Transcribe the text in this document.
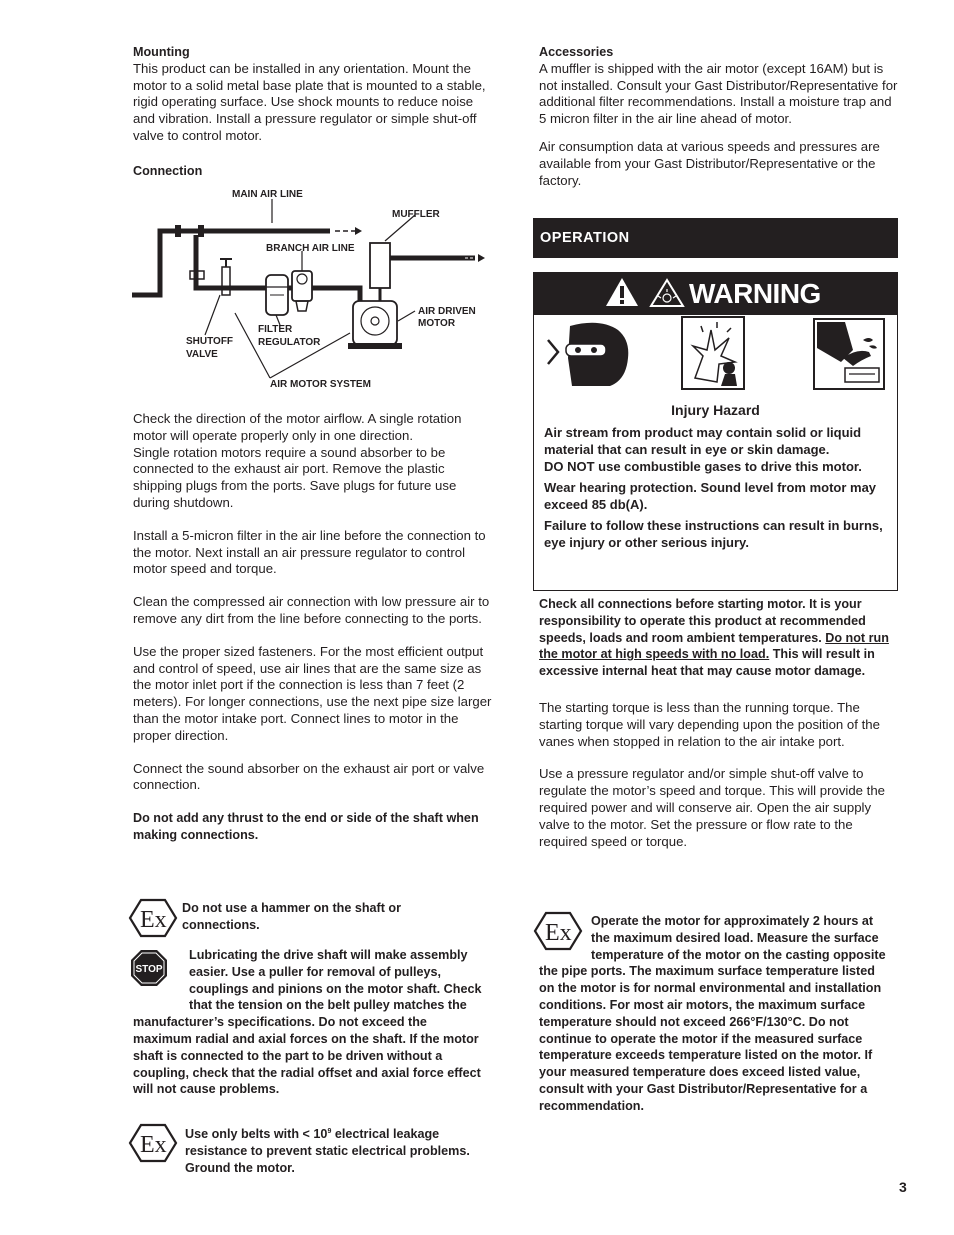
Mounting

This product can be installed in any orientation. Mount the motor to a solid metal base plate that is mounted to a stable, rigid operating surface. Use shock mounts to reduce noise and vibration. Install a pressure regulator or simple shut-off valve to control motor.

Connection
MAIN AIR LINE
MUFFLER
BRANCH AIR LINE
AIR DRIVEN
MOTOR
SHUTOFF
VALVE
FILTER
REGULATOR
AIR MOTOR SYSTEM

Check the direction of the motor airflow. A single rotation motor will operate properly only in one direction.

Single rotation motors require a sound absorber to be connected to the exhaust air port. Remove the plastic shipping plugs from the ports. Save plugs for future use during shutdown.

Install a 5-micron filter in the air line before the connection to the motor. Next install an air pressure regulator to control motor speed and torque.

Clean the compressed air connection with low pressure air to remove any dirt from the line before connecting to the ports.

Use the proper sized fasteners. For the most efficient output and control of speed, use air lines that are the same size as the motor inlet port if the connection is less than 7 feet (2 meters). For longer connections, use the next pipe size larger than the motor intake port. Connect lines to motor in the proper direction.

Connect the sound absorber on the exhaust air port or valve connection.

Do not add any thrust to the end or side of the shaft when making connections.

Ex Do not use a hammer on the shaft or connections.

STOP
Lubricating the drive shaft will make assembly easier. Use a puller for removal of pulleys, couplings and pinions on the motor shaft. Check that the tension on the belt pulley matches the manufacturer’s specifications. Do not exceed the maximum radial and axial forces on the shaft. If the motor shaft is connected to the part to be driven without a coupling, check that the radial offset and axial force effect will not cause problems.
Ex Use only belts with < $10^9$ electrical leakage resistance to prevent static electrical problems. Ground the motor.

Accessories

A muffler is shipped with the air motor (except 16AM) but is not installed. Consult your Gast Distributor/Representative for additional filter recommendations. Install a moisture trap and 5 micron filter in the air line ahead of motor.

Air consumption data at various speeds and pressures are available from your Gast Distributor/Representative or the factory.

OPERATION
WARNING
Injury Hazard
Air stream from product may contain solid or liquid material that can result in eye or skin damage.
DO NOT use combustible gases to drive this motor.
Wear hearing protection. Sound level from motor may exceed 85 db(A).
Failure to follow these instructions can result in burns, eye injury or other serious injury.

Check all connections before starting motor. It is your responsibility to operate this product at recommended speeds, loads and room ambient temperatures. Do not run the motor at high speeds with no load. This will result in excessive internal heat that may cause motor damage.

The starting torque is less than the running torque. The starting torque will vary depending upon the position of the vanes when stopped in relation to the air intake port.

Use a pressure regulator and/or simple shut-off valve to regulate the motor’s speed and torque. This will provide the required power and will conserve air. Open the air supply valve to the motor. Set the pressure or flow rate to the required speed or torque.

Ex	Operate the motor for approximately 2 hours at the maximum desired load. Measure the surface temperature of the motor on the casting opposite the pipe ports. The maximum surface temperature listed on the motor is for normal environmental and installation conditions. For most air motors, the maximum surface temperature should not exceed 266°F/130°C. Do not continue to operate the motor if the measured surface temperature exceeds temperature listed on the motor. If your measured temperature does exceed listed value, consult with your Gast Distributor/Representative for a recommendation.
3
